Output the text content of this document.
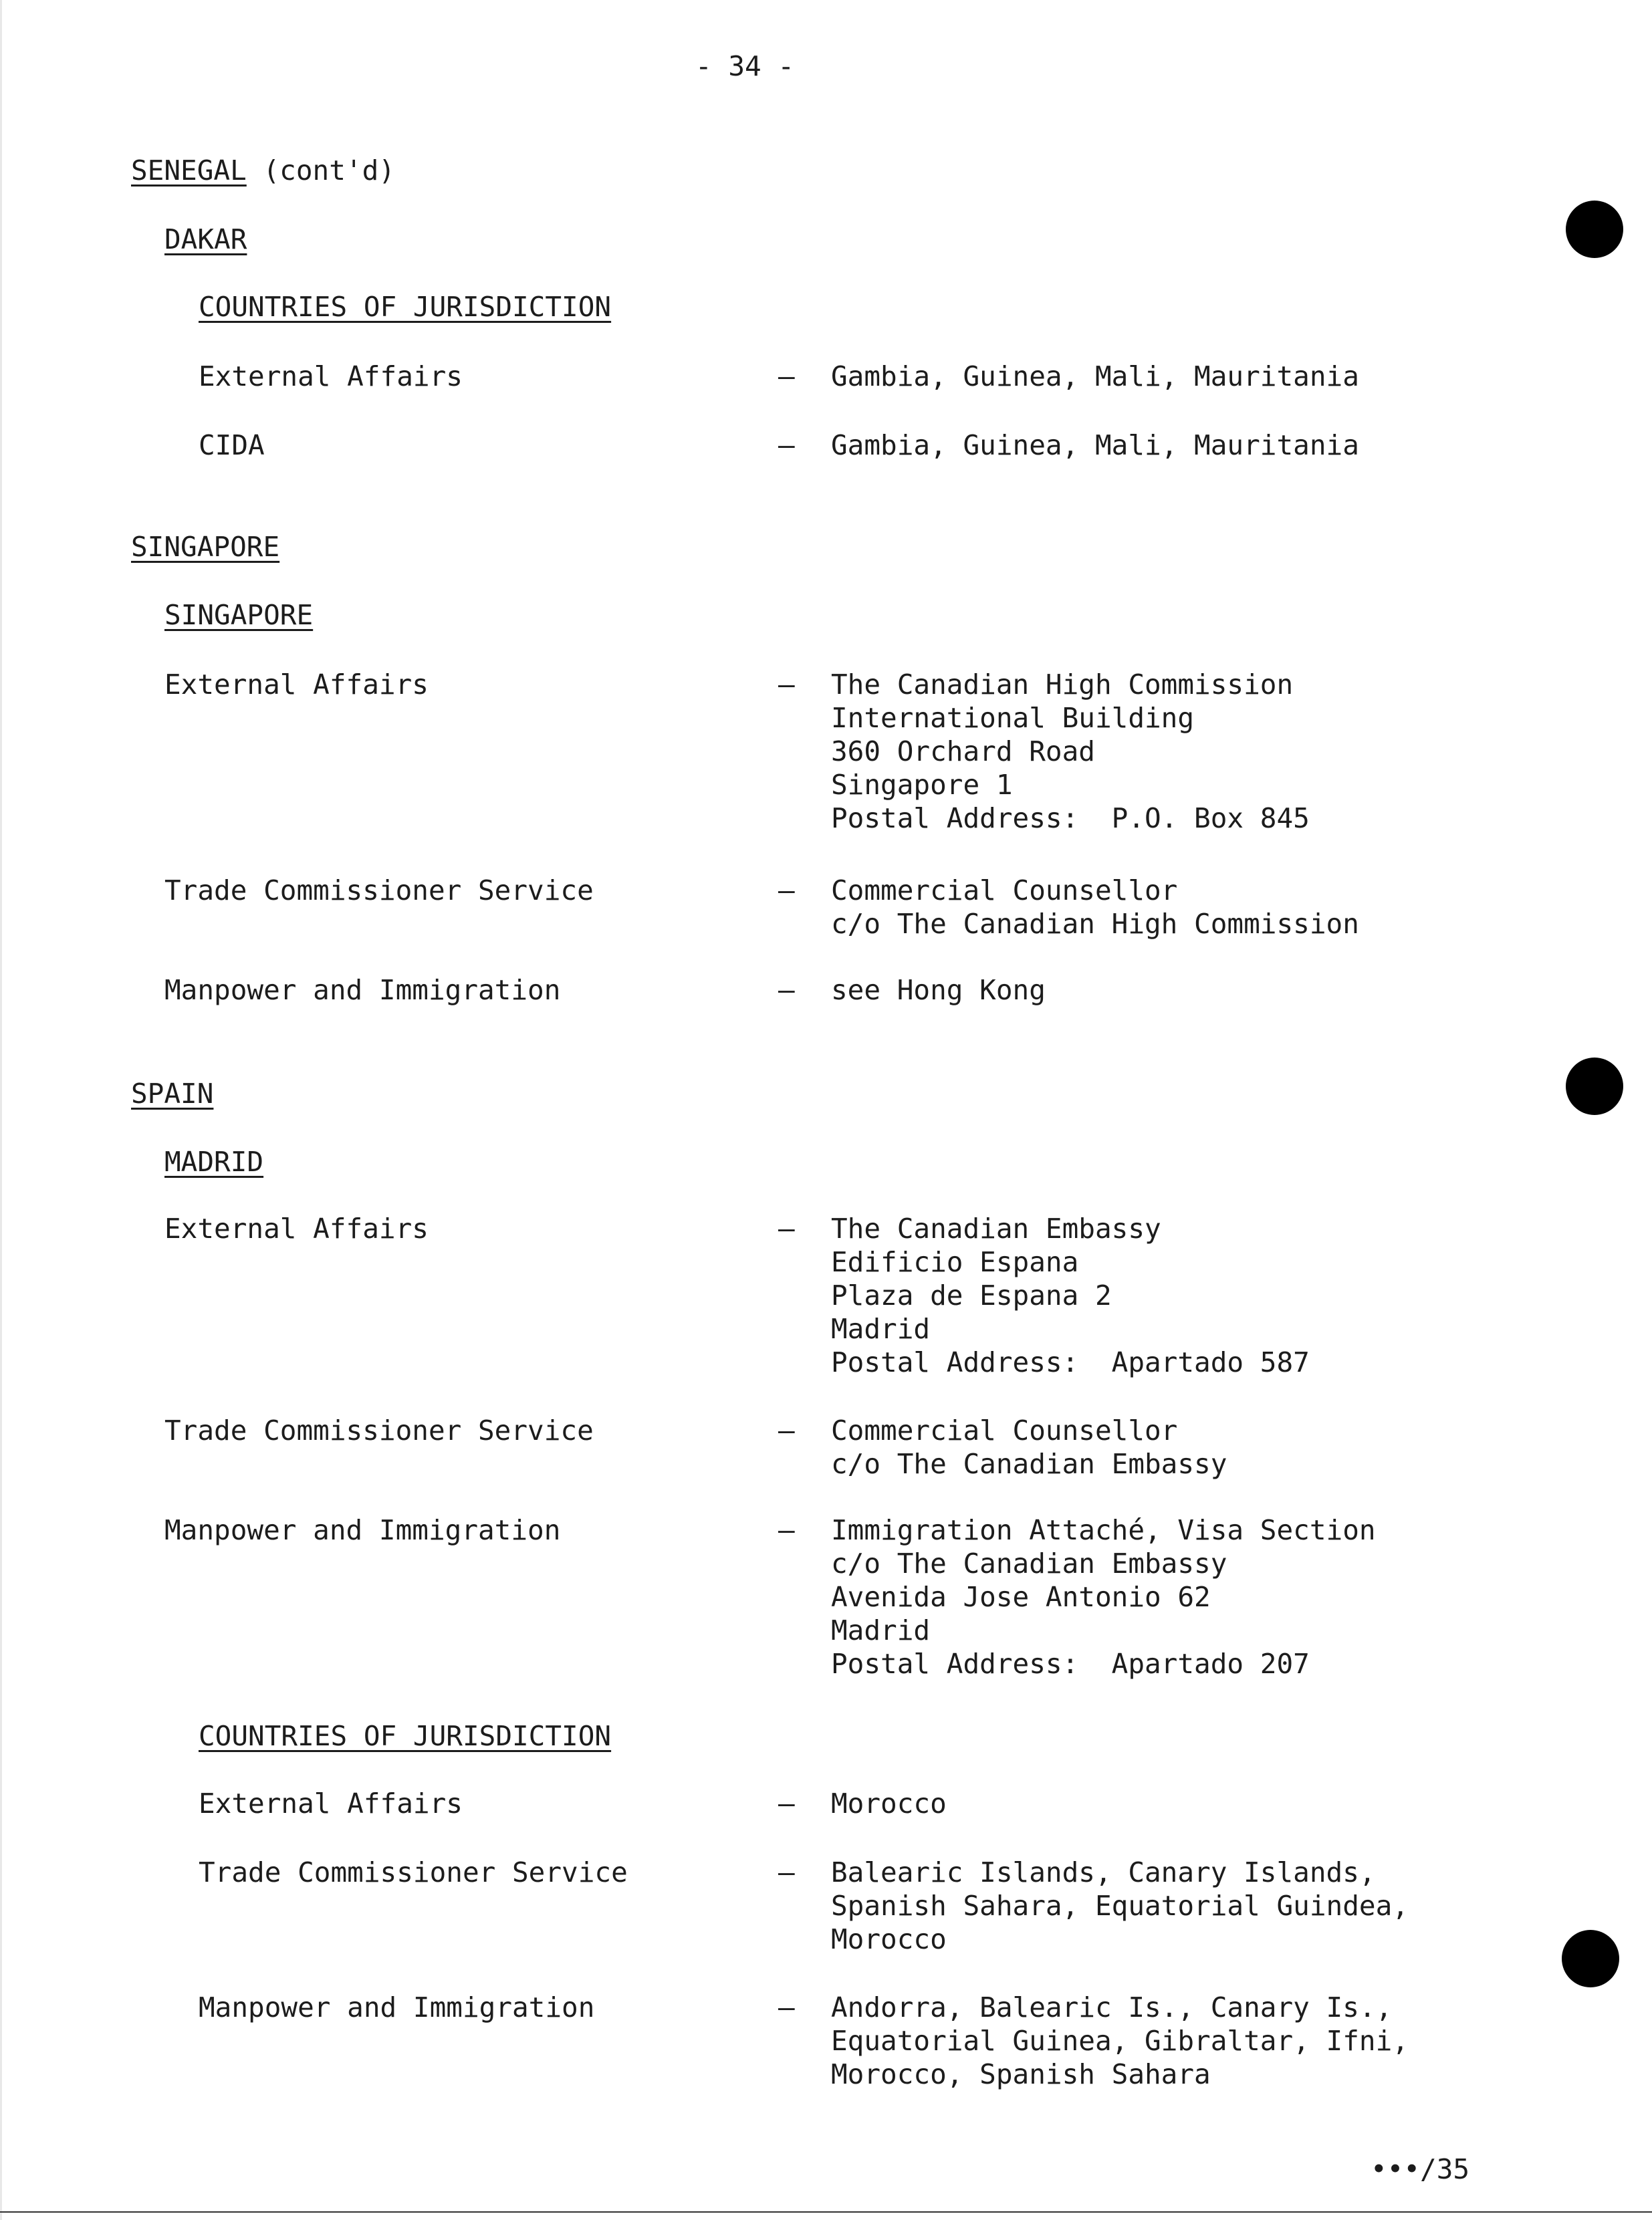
- 34 -
SENEGAL (cont'd)
DAKAR
COUNTRIES OF JURISDICTION
External Affairs	– Gambia, Guinea, Mali, Mauritania
CIDA	– Gambia, Guinea, Mali, Mauritania
SINGAPORE
SINGAPORE
External Affairs	– The Canadian High Commission
International Building
360 Orchard Road
Singapore 1
Postal Address:  P.O. Box 845
Trade Commissioner Service	– Commercial Counsellor
c/o The Canadian High Commission
Manpower and Immigration	– see Hong Kong
SPAIN
MADRID
External Affairs	– The Canadian Embassy
Edificio Espana
Plaza de Espana 2
Madrid
Postal Address:  Apartado 587
Trade Commissioner Service	– Commercial Counsellor
c/o The Canadian Embassy
Manpower and Immigration	– Immigration Attaché, Visa Section
c/o The Canadian Embassy
Avenida Jose Antonio 62
Madrid
Postal Address:  Apartado 207
COUNTRIES OF JURISDICTION
External Affairs	– Morocco
Trade Commissioner Service	– Balearic Islands, Canary Islands,
Spanish Sahara, Equatorial Guindea,
Morocco
Manpower and Immigration	– Andorra, Balearic Is., Canary Is.,
Equatorial Guinea, Gibraltar, Ifni,
Morocco, Spanish Sahara
•••/35
